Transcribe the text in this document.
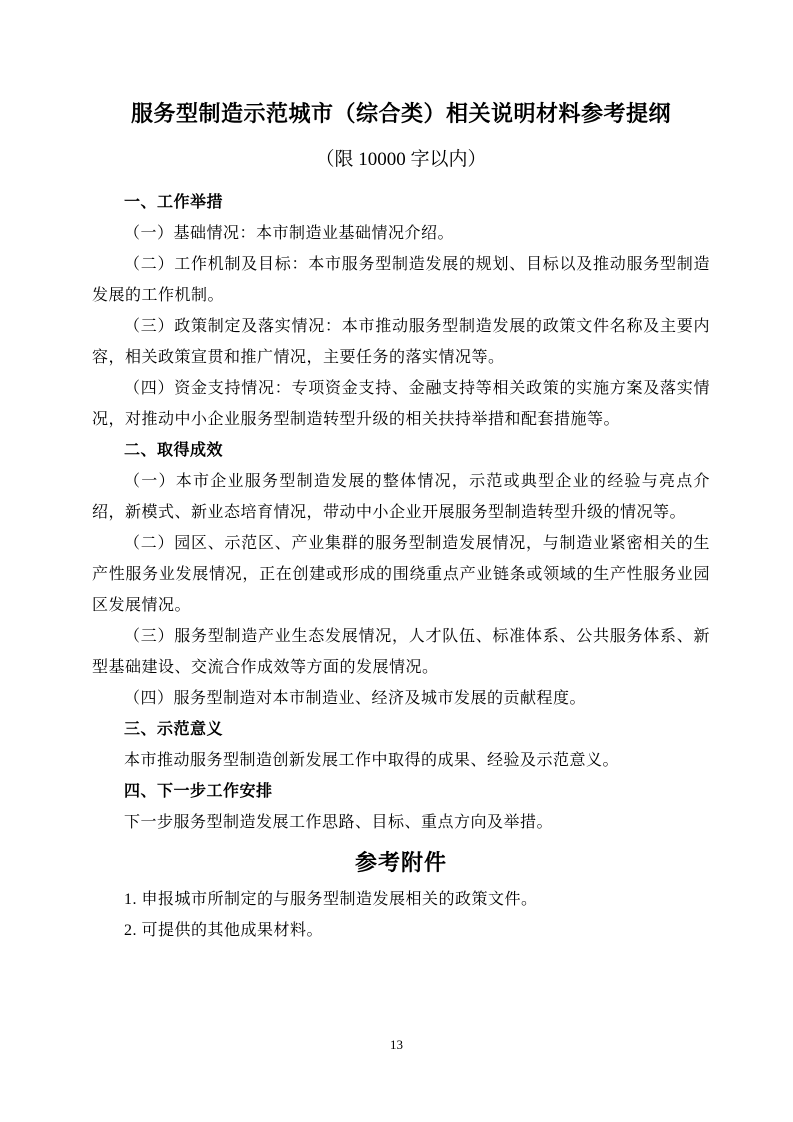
服务型制造示范城市（综合类）相关说明材料参考提纲
（限 10000 字以内）

一、工作举措

（一）基础情况：本市制造业基础情况介绍。

（二）工作机制及目标：本市服务型制造发展的规划、目标以及推动服务型制造发展的工作机制。

（三）政策制定及落实情况：本市推动服务型制造发展的政策文件名称及主要内容，相关政策宣贯和推广情况，主要任务的落实情况等。

（四）资金支持情况：专项资金支持、金融支持等相关政策的实施方案及落实情况，对推动中小企业服务型制造转型升级的相关扶持举措和配套措施等。

二、取得成效

（一）本市企业服务型制造发展的整体情况，示范或典型企业的经验与亮点介绍，新模式、新业态培育情况，带动中小企业开展服务型制造转型升级的情况等。

（二）园区、示范区、产业集群的服务型制造发展情况，与制造业紧密相关的生产性服务业发展情况，正在创建或形成的围绕重点产业链条或领域的生产性服务业园区发展情况。

（三）服务型制造产业生态发展情况，人才队伍、标准体系、公共服务体系、新型基础建设、交流合作成效等方面的发展情况。

（四）服务型制造对本市制造业、经济及城市发展的贡献程度。

三、示范意义

本市推动服务型制造创新发展工作中取得的成果、经验及示范意义。

四、下一步工作安排

下一步服务型制造发展工作思路、目标、重点方向及举措。

参考附件

1. 申报城市所制定的与服务型制造发展相关的政策文件。

2. 可提供的其他成果材料。

13
